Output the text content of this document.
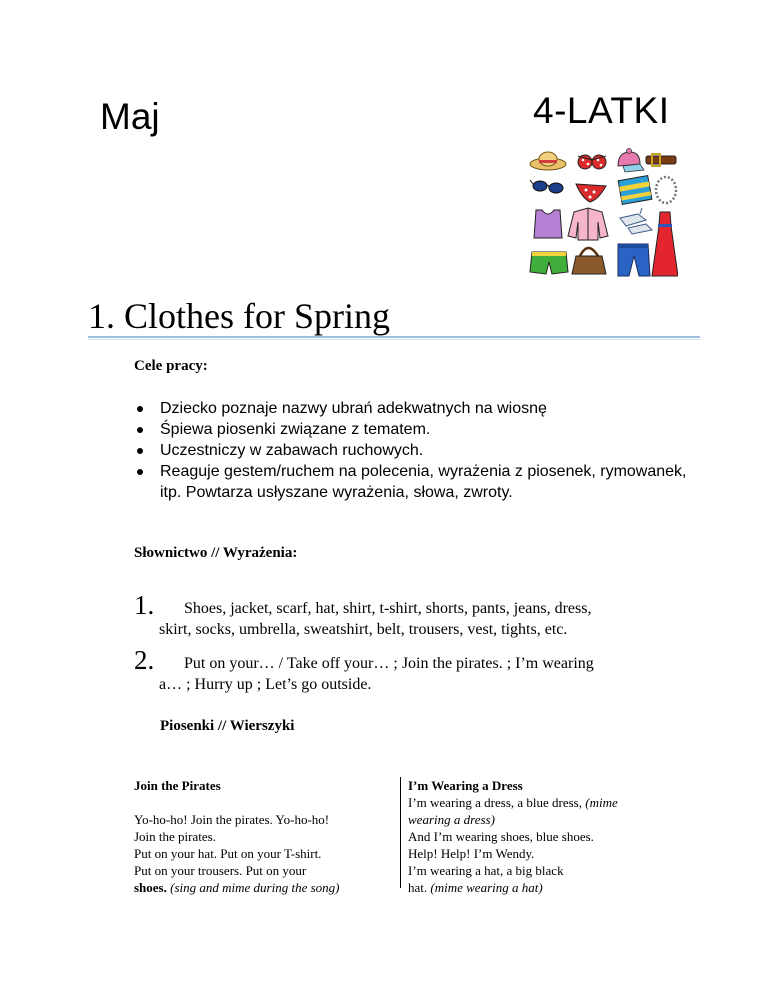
Maj	4-LATKI
1. Clothes for Spring
Cele pracy:
Dziecko poznaje nazwy ubrań adekwatnych na wiosnę
Śpiewa piosenki związane z tematem.
Uczestniczy w zabawach ruchowych.
Reaguje gestem/ruchem na polecenia, wyrażenia z piosenek, rymowanek, itp. Powtarza usłyszane wyrażenia, słowa, zwroty.
Słownictwo // Wyrażenia:
1.	Shoes, jacket, scarf, hat, shirt, t-shirt, shorts, pants, jeans, dress,
skirt, socks, umbrella, sweatshirt, belt, trousers, vest, tights, etc.
2.	Put on your… / Take off your… ; Join the pirates. ; I’m wearing
a… ; Hurry up ; Let’s go outside.
Piosenki // Wierszyki
Join the Pirates
Yo-ho-ho! Join the pirates. Yo-ho-ho!
Join the pirates.
Put on your hat. Put on your T-shirt.
Put on your trousers. Put on your
shoes. (sing and mime during the song)
I’m Wearing a Dress
I’m wearing a dress, a blue dress, (mime
wearing a dress)
And I’m wearing shoes, blue shoes.
Help! Help! I’m Wendy.
I’m wearing a hat, a big black
hat. (mime wearing a hat)
